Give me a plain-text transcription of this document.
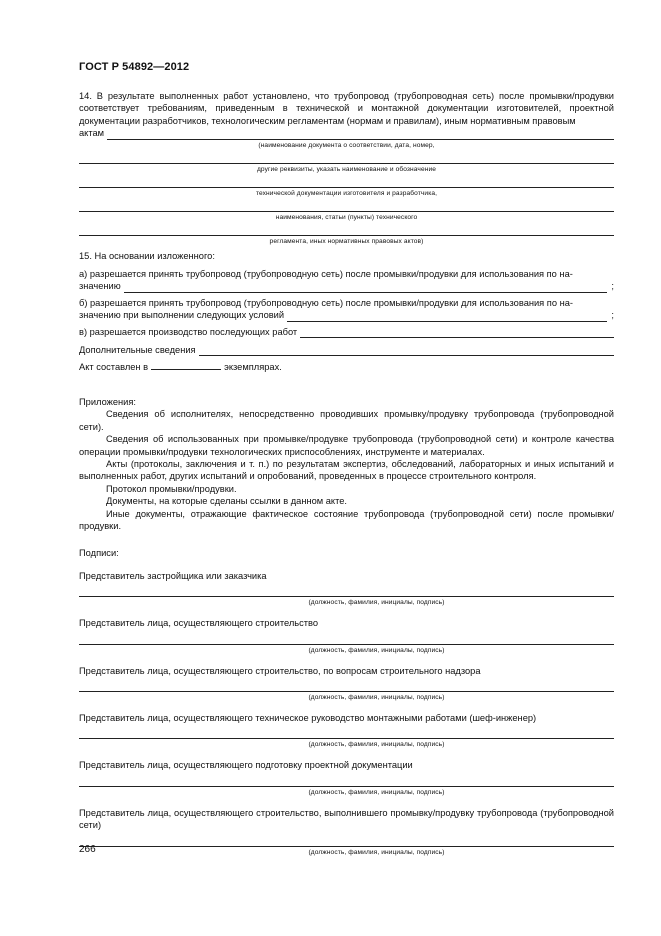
ГОСТ Р 54892—2012

14. В результате выполненных работ установлено, что трубопровод (трубопроводная сеть) после промывки/продувки соответствует требованиям, приведенным в технической и монтажной документации изготовителей, проектной документации разработчиков, технологическим регламентам (нормам и правилам), иным нормативным правовым

актам
(наименование документа о соответствии, дата, номер,
другие реквизиты, указать наименование и обозначение
технической документации изготовителя и разработчика,
наименования, статьи (пункты) технического
регламента, иных нормативных правовых актов)

15. На основании изложенного:

а) разрешается принять трубопровод (трубопроводную сеть) после промывки/продувки для использования по на-

значению	;

б) разрешается принять трубопровод (трубопроводную сеть) после промывки/продувки для использования по на-

значению при выполнении следующих условий	;
в) разрешается производство последующих работ
Дополнительные сведения

Акт составлен в	экземплярах.

Приложения:

Сведения об исполнителях, непосредственно проводивших промывку/продувку трубопровода (трубопроводной сети).

Сведения об использованных при промывке/продувке трубопровода (трубопроводной сети) и контроле качества операции промывки/продувки технологических приспособлениях, инструменте и материалах.

Акты (протоколы, заключения и т. п.) по результатам экспертиз, обследований, лабораторных и иных испытаний и выполненных работ, других испытаний и опробований, проведенных в процессе строительного контроля.

Протокол промывки/продувки.

Документы, на которые сделаны ссылки в данном акте.

Иные документы, отражающие фактическое состояние трубопровода (трубопроводной сети) после промывки/продувки.

Подписи:

Представитель застройщика или заказчика

(должность, фамилия, инициалы, подпись)

Представитель лица, осуществляющего строительство

(должность, фамилия, инициалы, подпись)

Представитель лица, осуществляющего строительство, по вопросам строительного надзора

(должность, фамилия, инициалы, подпись)

Представитель лица, осуществляющего техническое руководство монтажными работами (шеф-инженер)

(должность, фамилия, инициалы, подпись)

Представитель лица, осуществляющего подготовку проектной документации

(должность, фамилия, инициалы, подпись)

Представитель лица, осуществляющего строительство, выполнившего промывку/продувку трубопровода (трубопроводной сети)

(должность, фамилия, инициалы, подпись)
266
